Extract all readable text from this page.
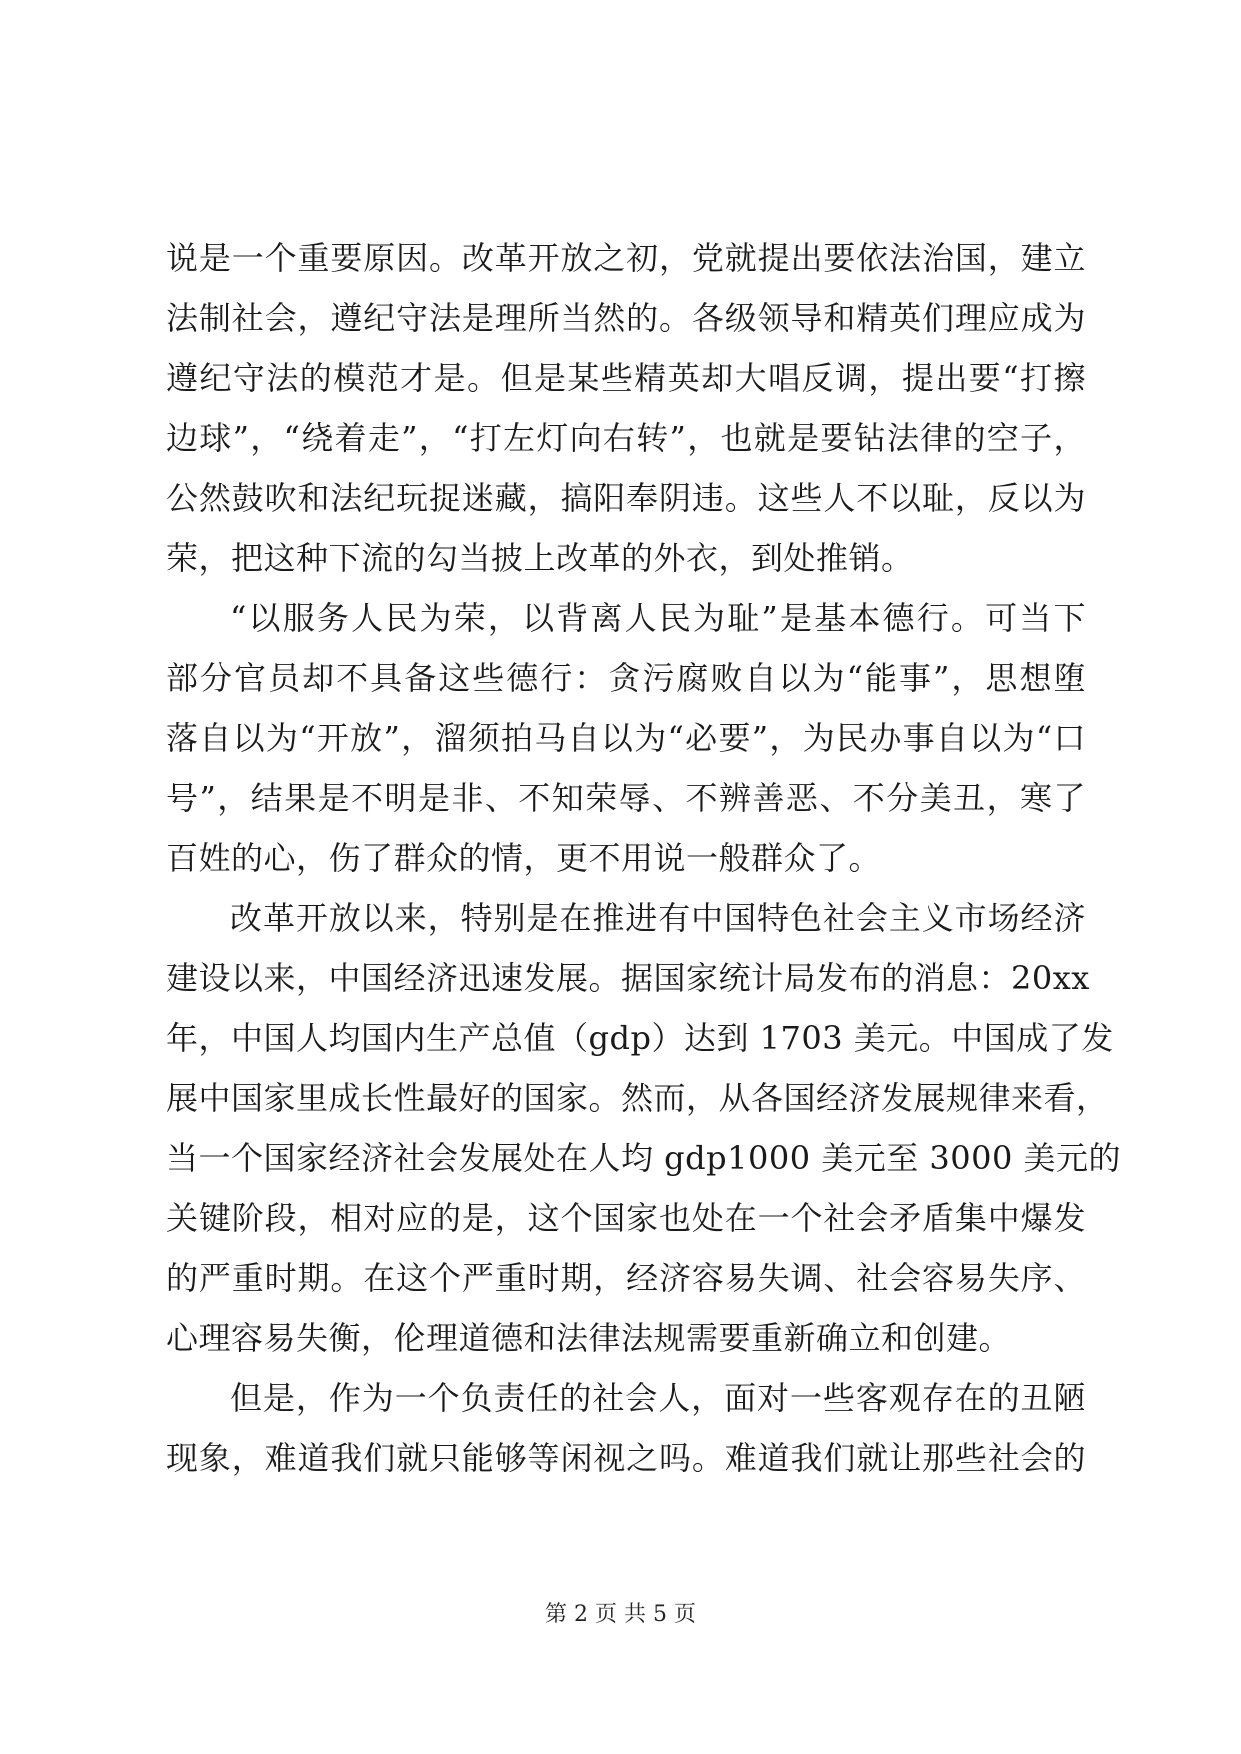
说是一个重要原因。改革开放之初，党就提出要依法治国，建立
法制社会，遵纪守法是理所当然的。各级领导和精英们理应成为
遵纪守法的模范才是。但是某些精英却大唱反调，提出要“打擦
边球”，“绕着走”，“打左灯向右转”，也就是要钻法律的空子，
公然鼓吹和法纪玩捉迷藏，搞阳奉阴违。这些人不以耻，反以为
荣，把这种下流的勾当披上改革的外衣，到处推销。
“以服务人民为荣，以背离人民为耻”是基本德行。可当下
部分官员却不具备这些德行：贪污腐败自以为“能事”，思想堕
落自以为“开放”，溜须拍马自以为“必要”，为民办事自以为“口
号”，结果是不明是非、不知荣辱、不辨善恶、不分美丑，寒了
百姓的心，伤了群众的情，更不用说一般群众了。
改革开放以来，特别是在推进有中国特色社会主义市场经济
建设以来，中国经济迅速发展。据国家统计局发布的消息：20xx
年，中国人均国内生产总值（gdp）达到 1703 美元。中国成了发
展中国家里成长性最好的国家。然而，从各国经济发展规律来看，
当一个国家经济社会发展处在人均 gdp1000 美元至 3000 美元的
关键阶段，相对应的是，这个国家也处在一个社会矛盾集中爆发
的严重时期。在这个严重时期，经济容易失调、社会容易失序、
心理容易失衡，伦理道德和法律法规需要重新确立和创建。
但是，作为一个负责任的社会人，面对一些客观存在的丑陋
现象，难道我们就只能够等闲视之吗。难道我们就让那些社会的
第 2 页 共 5 页
